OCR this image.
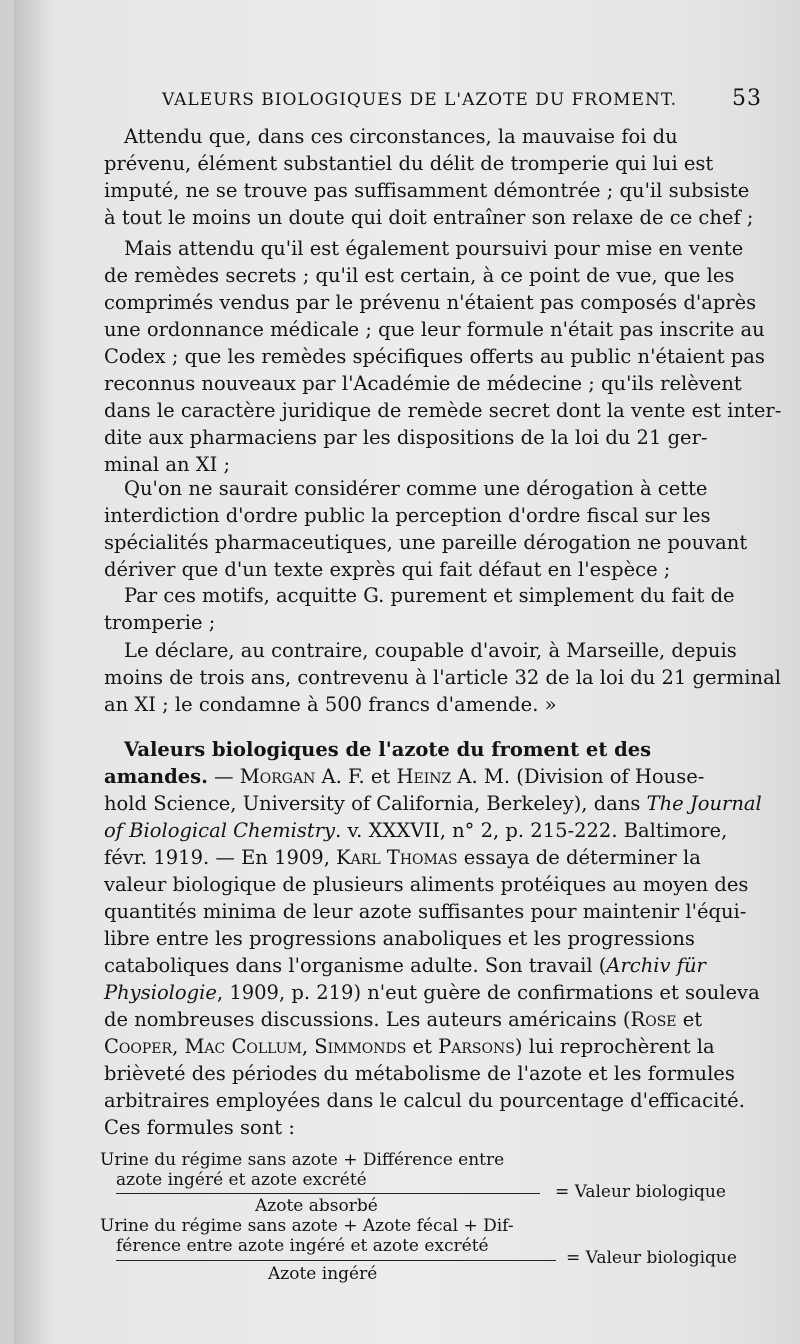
VALEURS BIOLOGIQUES DE L'AZOTE DU FROMENT. 53

Attendu que, dans ces circonstances, la mauvaise foi du
prévenu, élément substantiel du délit de tromperie qui lui est
imputé, ne se trouve pas suffisamment démontrée ; qu'il subsiste
à tout le moins un doute qui doit entraîner son relaxe de ce chef ;

Mais attendu qu'il est également poursuivi pour mise en vente
de remèdes secrets ; qu'il est certain, à ce point de vue, que les
comprimés vendus par le prévenu n'étaient pas composés d'après
une ordonnance médicale ; que leur formule n'était pas inscrite au
Codex ; que les remèdes spécifiques offerts au public n'étaient pas
reconnus nouveaux par l'Académie de médecine ; qu'ils relèvent
dans le caractère juridique de remède secret dont la vente est inter-
dite aux pharmaciens par les dispositions de la loi du 21 ger-
minal an XI ;

Qu'on ne saurait considérer comme une dérogation à cette
interdiction d'ordre public la perception d'ordre fiscal sur les
spécialités pharmaceutiques, une pareille dérogation ne pouvant
dériver que d'un texte exprès qui fait défaut en l'espèce ;

Par ces motifs, acquitte G. purement et simplement du fait de
tromperie ;

Le déclare, au contraire, coupable d'avoir, à Marseille, depuis
moins de trois ans, contrevenu à l'article 32 de la loi du 21 germinal
an XI ; le condamne à 500 francs d'amende. »

Valeurs biologiques de l'azote du froment et des
amandes. — Morgan A. F. et Heinz A. M. (Division of House-
hold Science, University of California, Berkeley), dans The Journal
of Biological Chemistry. v. XXXVII, n° 2, p. 215-222. Baltimore,
févr. 1919. — En 1909, Karl Thomas essaya de déterminer la
valeur biologique de plusieurs aliments protéiques au moyen des
quantités minima de leur azote suffisantes pour maintenir l'équi-
libre entre les progressions anaboliques et les progressions
cataboliques dans l'organisme adulte. Son travail (Archiv für
Physiologie, 1909, p. 219) n'eut guère de confirmations et souleva
de nombreuses discussions. Les auteurs américains (Rose et
Cooper, Mac Collum, Simmonds et Parsons) lui reprochèrent la
brièveté des périodes du métabolisme de l'azote et les formules
arbitraires employées dans le calcul du pourcentage d'efficacité.
Ces formules sont :

Urine du régime sans azote + Différence entre
azote ingéré et azote excrété
Azote absorbé
= Valeur biologique
Urine du régime sans azote + Azote fécal + Dif-
férence entre azote ingéré et azote excrété
Azote ingéré
= Valeur biologique
